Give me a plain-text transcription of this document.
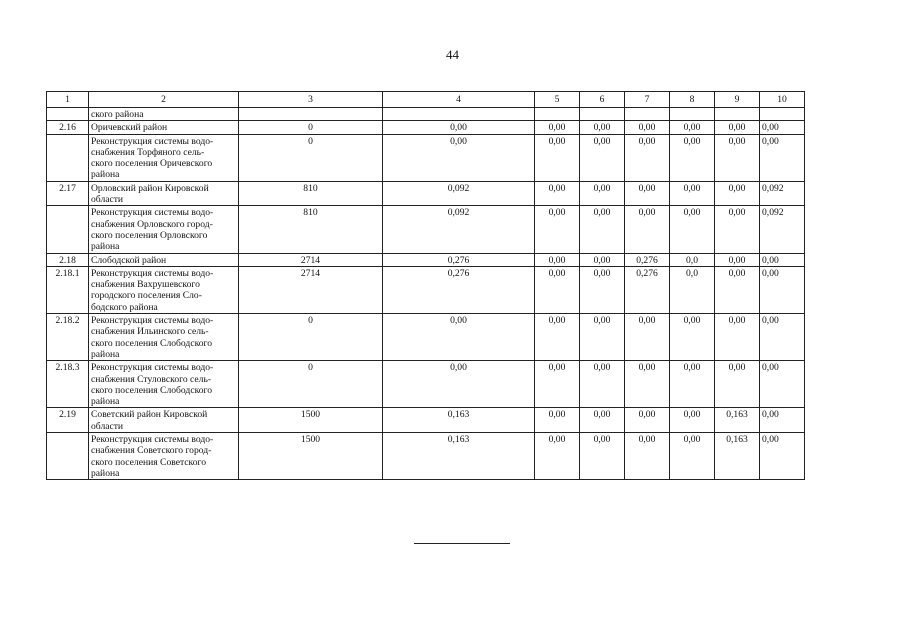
44
1	2	3	4	5	6	7	8	9	10
	ского района								
2.16	Оричевский район	0	0,00	0,00	0,00	0,00	0,00	0,00	0,00
	Реконструкция системы водо-
снабжения Торфяного сель-
ского поселения Оричевского
района	0	0,00	0,00	0,00	0,00	0,00	0,00	0,00
2.17	Орловский район Кировской
области	810	0,092	0,00	0,00	0,00	0,00	0,00	0,092
	Реконструкция системы водо-
снабжения Орловского город-
ского поселения Орловского
района	810	0,092	0,00	0,00	0,00	0,00	0,00	0,092
2.18	Слободской район	2714	0,276	0,00	0,00	0,276	0,0	0,00	0,00
2.18.1	Реконструкция системы водо-
снабжения Вахрушевского
городского поселения Сло-
бодского района	2714	0,276	0,00	0,00	0,276	0,0	0,00	0,00
2.18.2	Реконструкция системы водо-
снабжения Ильинского сель-
ского поселения Слободского
района	0	0,00	0,00	0,00	0,00	0,00	0,00	0,00
2.18.3	Реконструкция системы водо-
снабжения Стуловского сель-
ского поселения Слободского
района	0	0,00	0,00	0,00	0,00	0,00	0,00	0,00
2.19	Советский район Кировской
области	1500	0,163	0,00	0,00	0,00	0,00	0,163	0,00
	Реконструкция системы водо-
снабжения Советского город-
ского поселения Советского
района	1500	0,163	0,00	0,00	0,00	0,00	0,163	0,00
